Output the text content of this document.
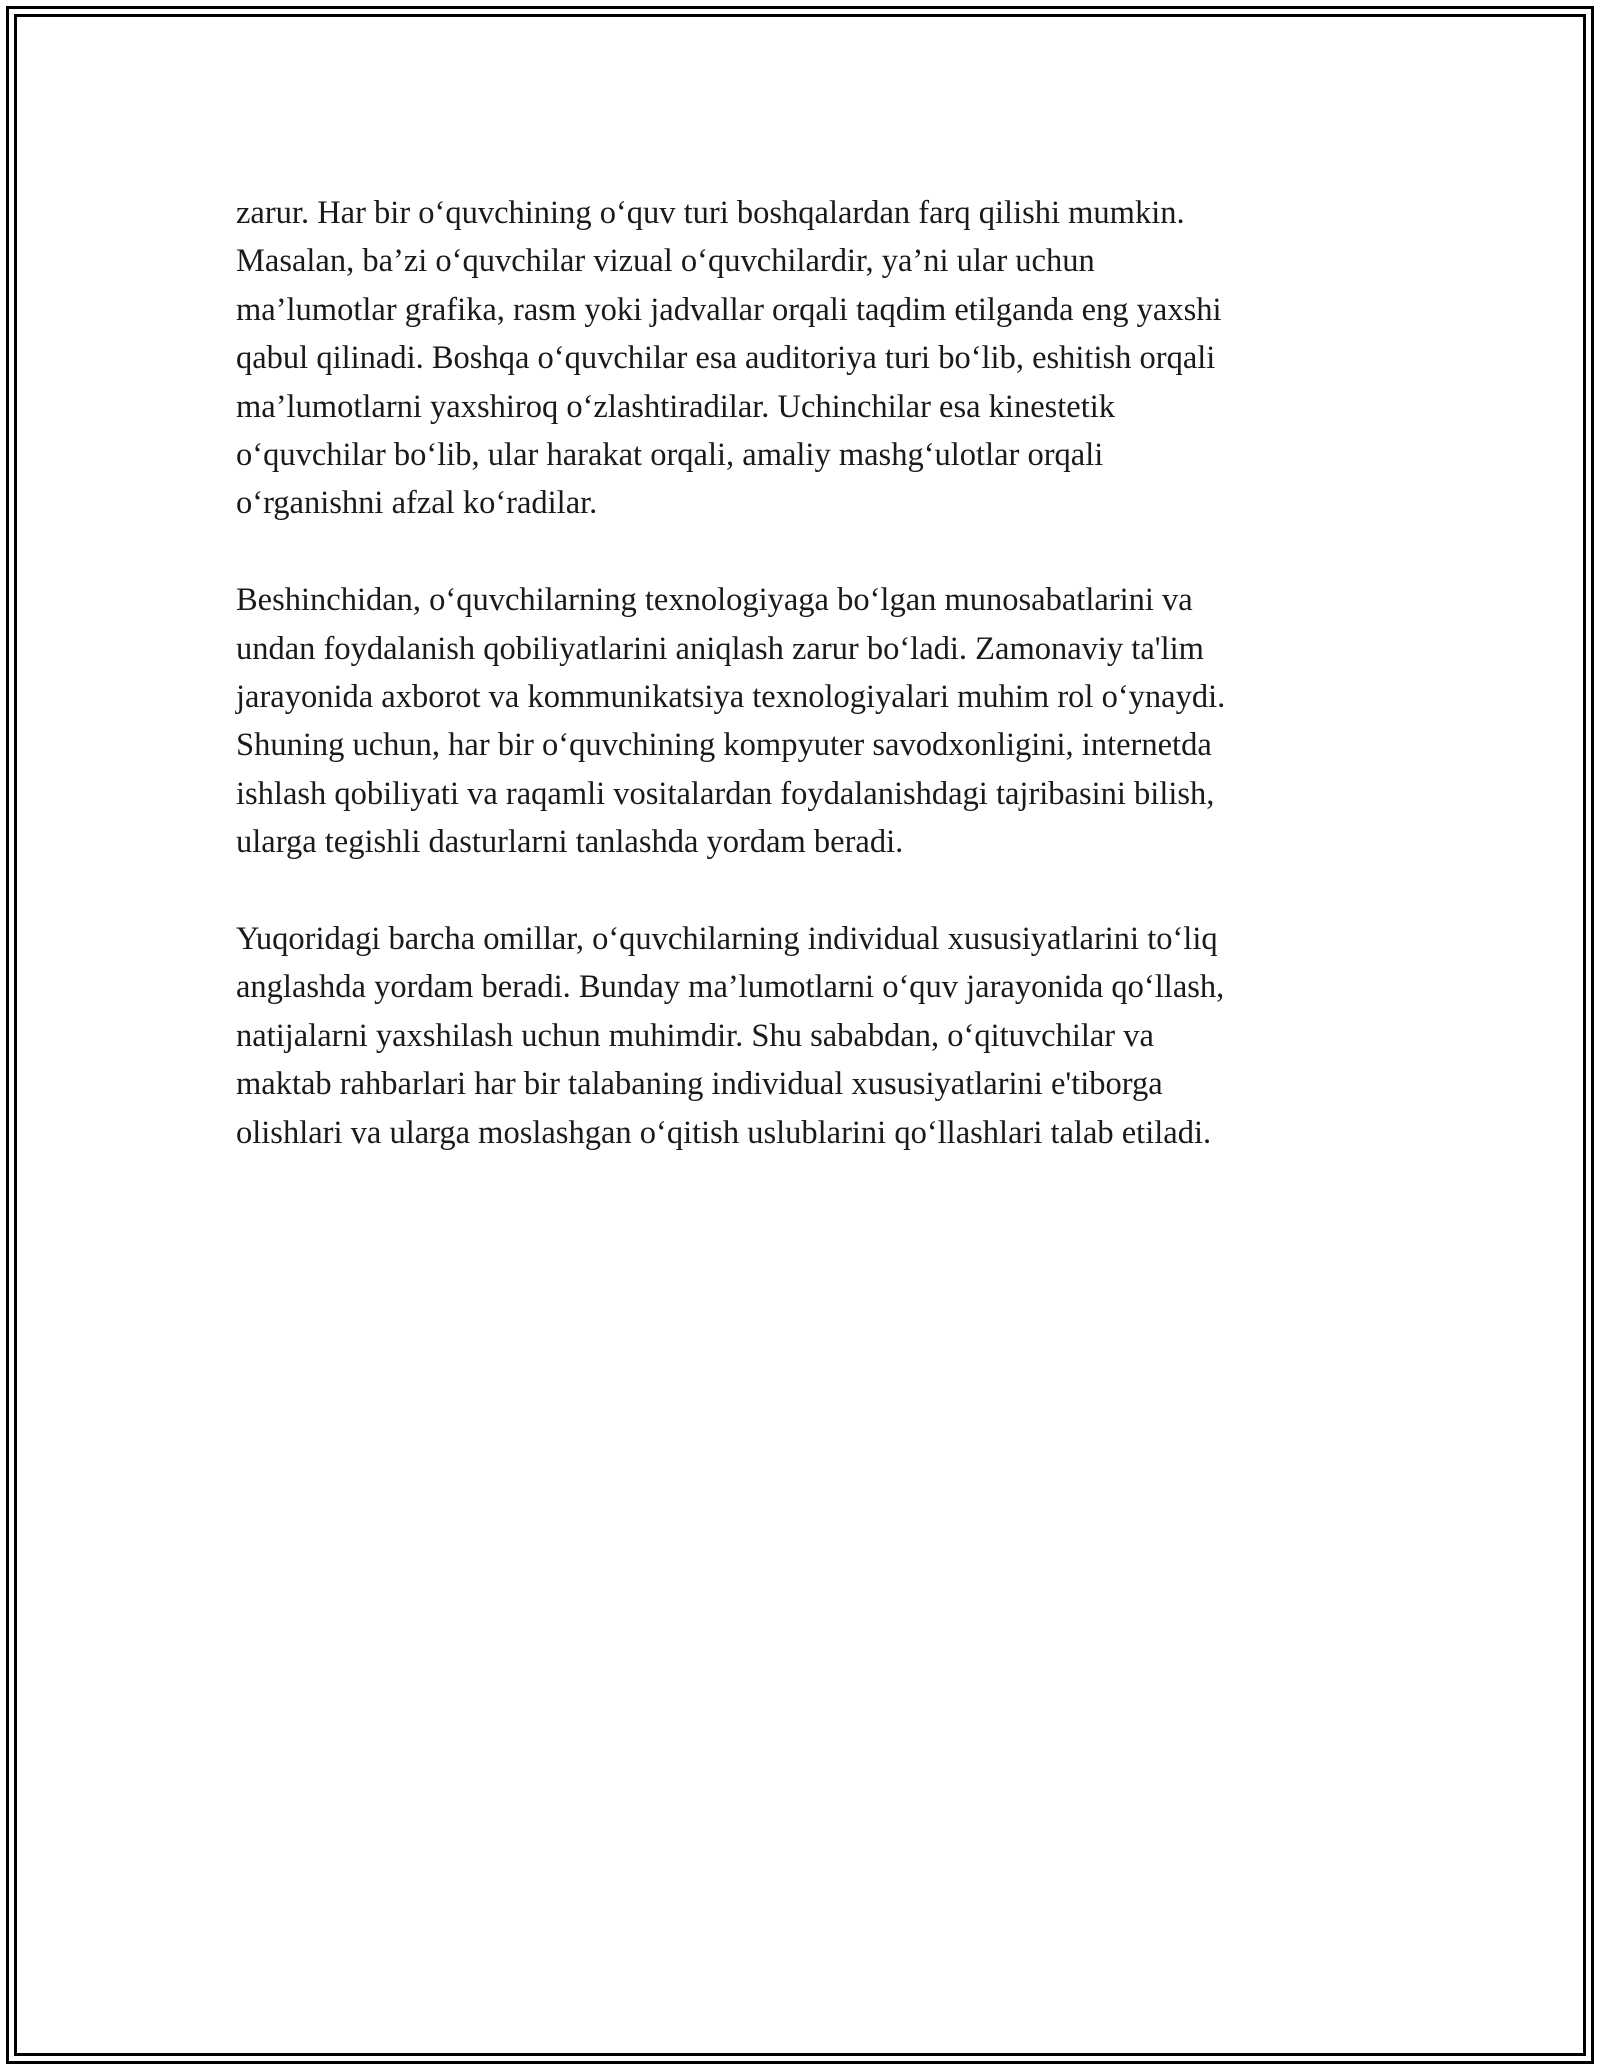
zarur. Har bir o‘quvchining o‘quv turi boshqalardan farq qilishi mumkin.
Masalan, ba’zi o‘quvchilar vizual o‘quvchilardir, ya’ni ular uchun
ma’lumotlar grafika, rasm yoki jadvallar orqali taqdim etilganda eng yaxshi
qabul qilinadi. Boshqa o‘quvchilar esa auditoriya turi bo‘lib, eshitish orqali
ma’lumotlarni yaxshiroq o‘zlashtiradilar. Uchinchilar esa kinestetik
o‘quvchilar bo‘lib, ular harakat orqali, amaliy mashg‘ulotlar orqali
o‘rganishni afzal ko‘radilar.

Beshinchidan, o‘quvchilarning texnologiyaga bo‘lgan munosabatlarini va
undan foydalanish qobiliyatlarini aniqlash zarur bo‘ladi. Zamonaviy ta'lim
jarayonida axborot va kommunikatsiya texnologiyalari muhim rol o‘ynaydi.
Shuning uchun, har bir o‘quvchining kompyuter savodxonligini, internetda
ishlash qobiliyati va raqamli vositalardan foydalanishdagi tajribasini bilish,
ularga tegishli dasturlarni tanlashda yordam beradi.

Yuqoridagi barcha omillar, o‘quvchilarning individual xususiyatlarini to‘liq
anglashda yordam beradi. Bunday ma’lumotlarni o‘quv jarayonida qo‘llash,
natijalarni yaxshilash uchun muhimdir. Shu sababdan, o‘qituvchilar va
maktab rahbarlari har bir talabaning individual xususiyatlarini e'tiborga
olishlari va ularga moslashgan o‘qitish uslublarini qo‘llashlari talab etiladi.
